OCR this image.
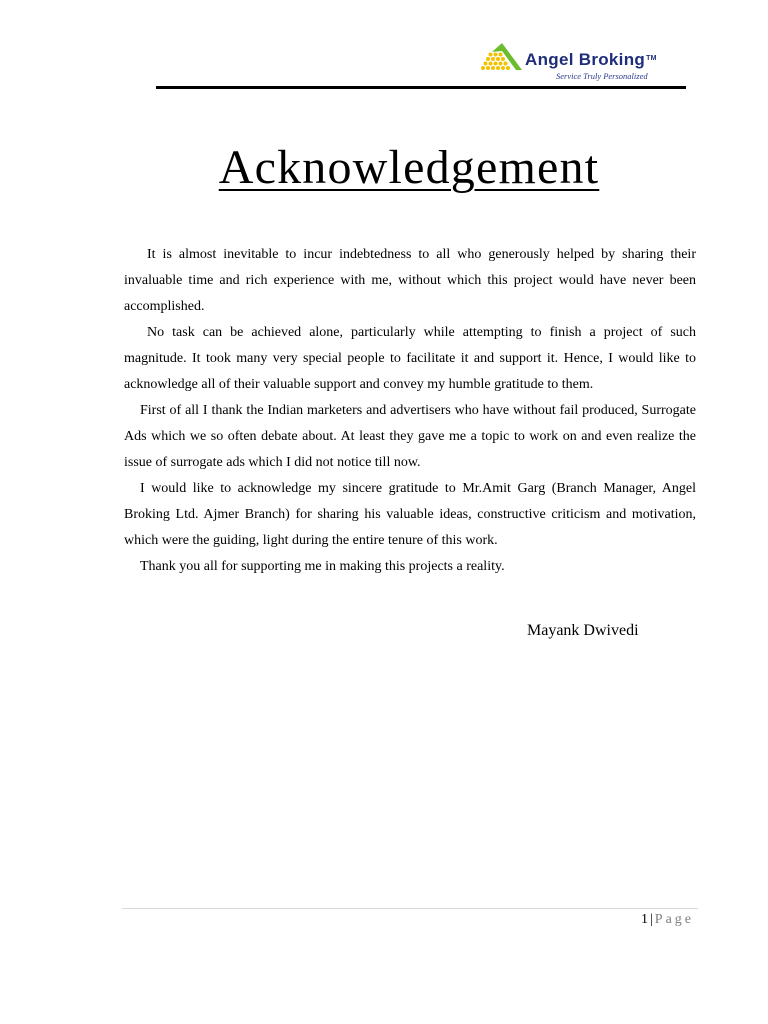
Angel Broking™
Service Truly Personalized
Acknowledgement

It is almost inevitable to incur indebtedness to all who generously helped by sharing their invaluable time and rich experience with me, without which this project would have never been accomplished.

No task can be achieved alone, particularly while attempting to finish a project of such magnitude. It took many very special people to facilitate it and support it. Hence, I would like to acknowledge all of their valuable support and convey my humble gratitude to them.

First of all I thank the Indian marketers and advertisers who have without fail produced, Surrogate Ads which we so often debate about. At least they gave me a topic to work on and even realize the issue of surrogate ads which I did not notice till now.

I would like to acknowledge my sincere gratitude to Mr.Amit Garg (Branch Manager, Angel Broking Ltd. Ajmer Branch) for sharing his valuable ideas, constructive criticism and motivation, which were the guiding, light during the entire tenure of this work.

Thank you all for supporting me in making this projects a reality.

Mayank Dwivedi
1 | Page
